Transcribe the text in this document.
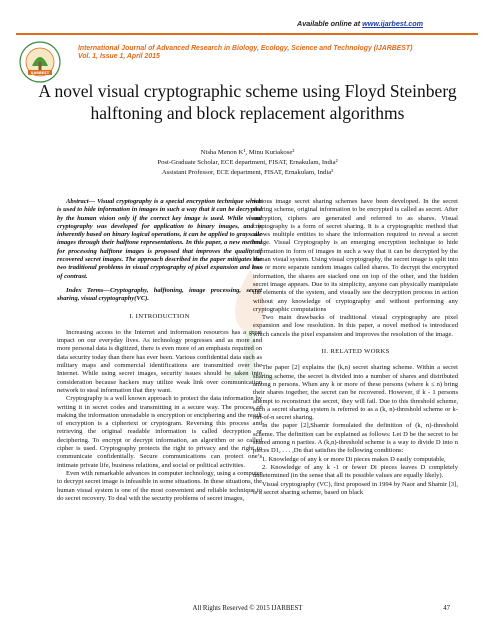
Available online at www.ijarbest.com
IJARBEST
International Journal of Advanced Research in Biology, Ecology, Science and Technology (IJARBEST)
Vol. 1, Issue 1, April 2015
A novel visual cryptographic scheme using Floyd Steinberg halftoning and block replacement algorithms
Nisha Menon K¹, Minu Kuriakose²
Post-Graduate Scholar, ECE department, FISAT, Ernakulam, India²
Assistant Professor, ECE department, FISAT, Ernakulam, India¹

Abstract— Visual cryptography is a special encryption technique which is used to hide information in images in such a way that it can be decrypted by the human vision only if the correct key image is used. While visual cryptography was developed for application to binary images, and is inherently based on binary logical operations, it can be applied to grayscale images through their halftone representations. In this paper, a new method for processing halftone images is proposed that improves the quality of recovered secret images. The approach described in the paper mitigates the two traditional problems in visual cryptography of pixel expansion and loss of contrast.

Index Terms—Cryptography, halftoning, image processing, secret sharing, visual cryptography(VC).

I. INTRODUCTION

Increasing access to the Internet and information resources has a great impact on our everyday lives. As technology progresses and as more and more personal data is digitized, there is even more of an emphasis required on data security today than there has ever been. Various confidential data such as military maps and commercial identifications are transmitted over the Internet. While using secret images, security issues should be taken into consideration because hackers may utilize weak link over communication network to steal information that they want.

Cryptography is a well known approach to protect the data information by writing it in secret codes and transmitting in a secure way. The process of making the information unreadable is encryption or enciphering and the result of encryption is a ciphertext or cryptogram. Reversing this process and retrieving the original readable information is called decryption or deciphering. To encrypt or decrypt information, an algorithm or so called cipher is used. Cryptography protects the right to privacy and the right to communicate confidentially. Secure communications can protect one’s intimate private life, business relations, and social or political activities.

Even with remarkable advances in computer technology, using a computer to decrypt secret image is infeasible in some situations. In these situations, the human visual system is one of the most convenient and reliable technique to do secret recovery. To deal with the security problems of secret images,

various image secret sharing schemes have been developed. In the secret sharing scheme, original information to be encrypted is called as secret. After encryption, ciphers are generated and referred to as shares. Visual cryptography is a form of secret sharing. It is a cryptographic method that allows multiple entities to share the information required to reveal a secret image. Visual Cryptography is an emerging encryption technique to hide information in form of images in such a way that it can be decrypted by the human visual system. Using visual cryptography, the secret image is split into two or more separate random images called shares. To decrypt the encrypted information, the shares are stacked one on top of the other, and the hidden secret image appears. Due to its simplicity, anyone can physically manipulate the elements of the system, and visually see the decryption process in action without any knowledge of cryptography and without performing any cryptographic computations

Two main drawbacks of traditional visual cryptography are pixel expansion and low resolution. In this paper, a novel method is introduced which cancels the pixel expansion and improves the resolution of the image.

II. RELATED WORKS

The paper [2] explains the (k,n) secret sharing scheme. Within a secret sharing scheme, the secret is divided into a number of shares and distributed among n persons. When any k or more of these persons (where k ≤ n) bring their shares together, the secret can be recovered. However, if k - 1 persons attempt to reconstruct the secret, they will fail. Due to this threshold scheme, such a secret sharing system is referred to as a (k, n)-threshold scheme or k-out-of-n secret sharing.

In the paper [2],Shamir formulated the definition of (k, n)-threshold scheme. The definition can be explained as follows: Let D be the secret to be shared among n parties. A (k,n)-threshold scheme is a way to divide D into n pieces D1, . . . ,Dn that satisfies the following conditions:

1. Knowledge of any k or more Di pieces makes D easily computable,

2. Knowledge of any k -1 or fewer Di pieces leaves D completely undetermined (in the sense that all its possible values are equally likely).

Visual cryptography (VC), first proposed in 1994 by Naor and Shamir [3], is a secret sharing scheme, based on black

All Rights Reserved © 2015 IJARBEST	47
